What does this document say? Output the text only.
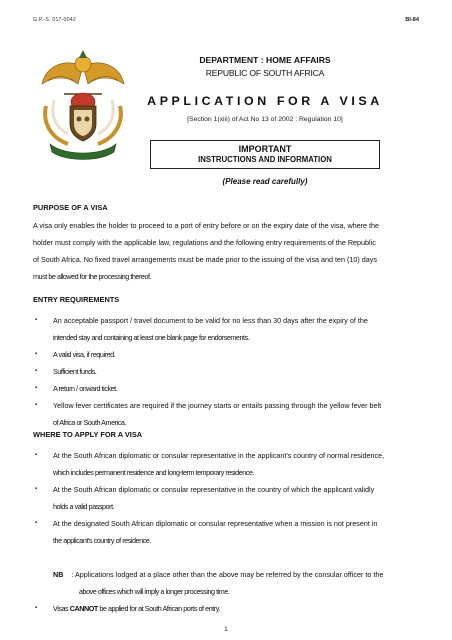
G.P.-S. 017-0042	BI-84
DEPARTMENT : HOME AFFAIRS
REPUBLIC OF SOUTH AFRICA
APPLICATION FOR A VISA
[Section 1(xiii) of Act No 13 of 2002 : Regulation 10]
IMPORTANT
INSTRUCTIONS AND INFORMATION
(Please read carefully)
PURPOSE OF A VISA
A visa only enables the holder to proceed to a port of entry before or on the expiry date of the visa, where the
holder must comply with the applicable law, regulations and the following entry requirements of the Republic
of South Africa. No fixed travel arrangements must be made prior to the issuing of the visa and ten (10) days
must be allowed for the processing thereof.
ENTRY REQUIREMENTS
▪ An acceptable passport / travel document to be valid for no less than 30 days after the expiry of the
intended stay and containing at least one blank page for endorsements.
▪ A valid visa, if required.
▪ Sufficient funds.
▪ A return / onward ticket.
▪ Yellow fever certificates are required if the journey starts or entails passing through the yellow fever belt
of Africa or South America.
WHERE TO APPLY FOR A VISA
▪ At the South African diplomatic or consular representative in the applicant’s country of normal residence,
which includes permanent residence and long-term temporary residence.
▪ At the South African diplomatic or consular representative in the country of which the applicant validly
holds a valid passport.
▪ At the designated South African diplomatic or consular representative when a mission is not present in
the applicant’s country of residence.
NB : Applications lodged at a place other than the above may be referred by the consular officer to the
above offices which will imply a longer processing time.
▪ Visas CANNOT be applied for at South African ports of entry.
1
